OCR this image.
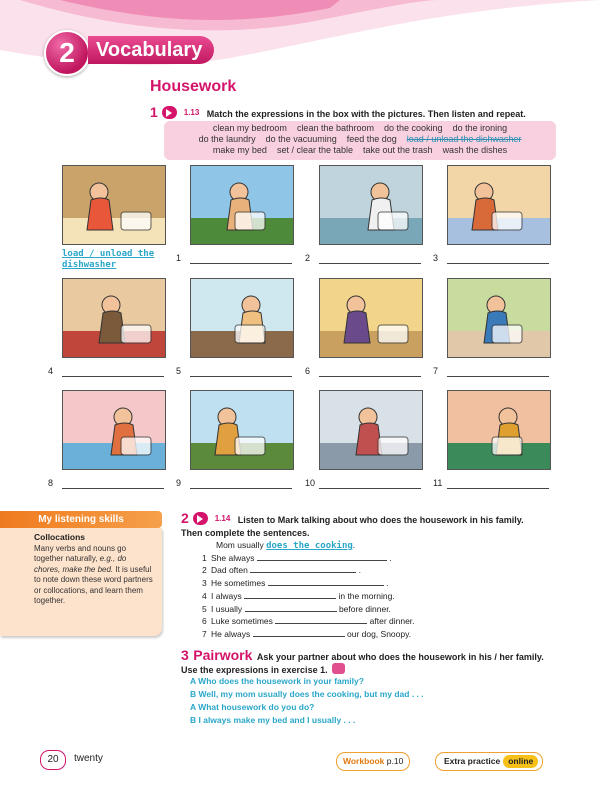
2	Vocabulary
Housework
1	1.13 Match the expressions in the box with the pictures. Then listen and repeat.
clean my bedroom clean the bathroom do the cooking do the ironing
do the laundry do the vacuuming feed the dog load / unload the dishwasher
make my bed set / clear the table take out the trash wash the dishes
My listening skills
Collocations
Many verbs and nouns go together naturally, e.g., do chores, make the bed. It is useful to note down these word partners or collocations, and learn them together.
2	1.14 Listen to Mark talking about who does the housework in his family. Then complete the sentences.
Mom usually does the cooking.
1 She always	.
2 Dad often	.
3 He sometimes	.
4 I always	in the morning.
5 I usually	before dinner.
6 Luke sometimes	after dinner.
7 He always	our dog, Snoopy.
3 Pairwork Ask your partner about who does the housework in his / her family. Use the expressions in exercise 1.
A Who does the housework in your family?
B Well, my mom usually does the cooking, but my dad . . .
A What housework do you do?
B I always make my bed and I usually . . .
20	twenty	Workbook p.10	Extra practice online
load / unload the
dishwasher
1	2	3
4	5	6	7
8	9	10	11
